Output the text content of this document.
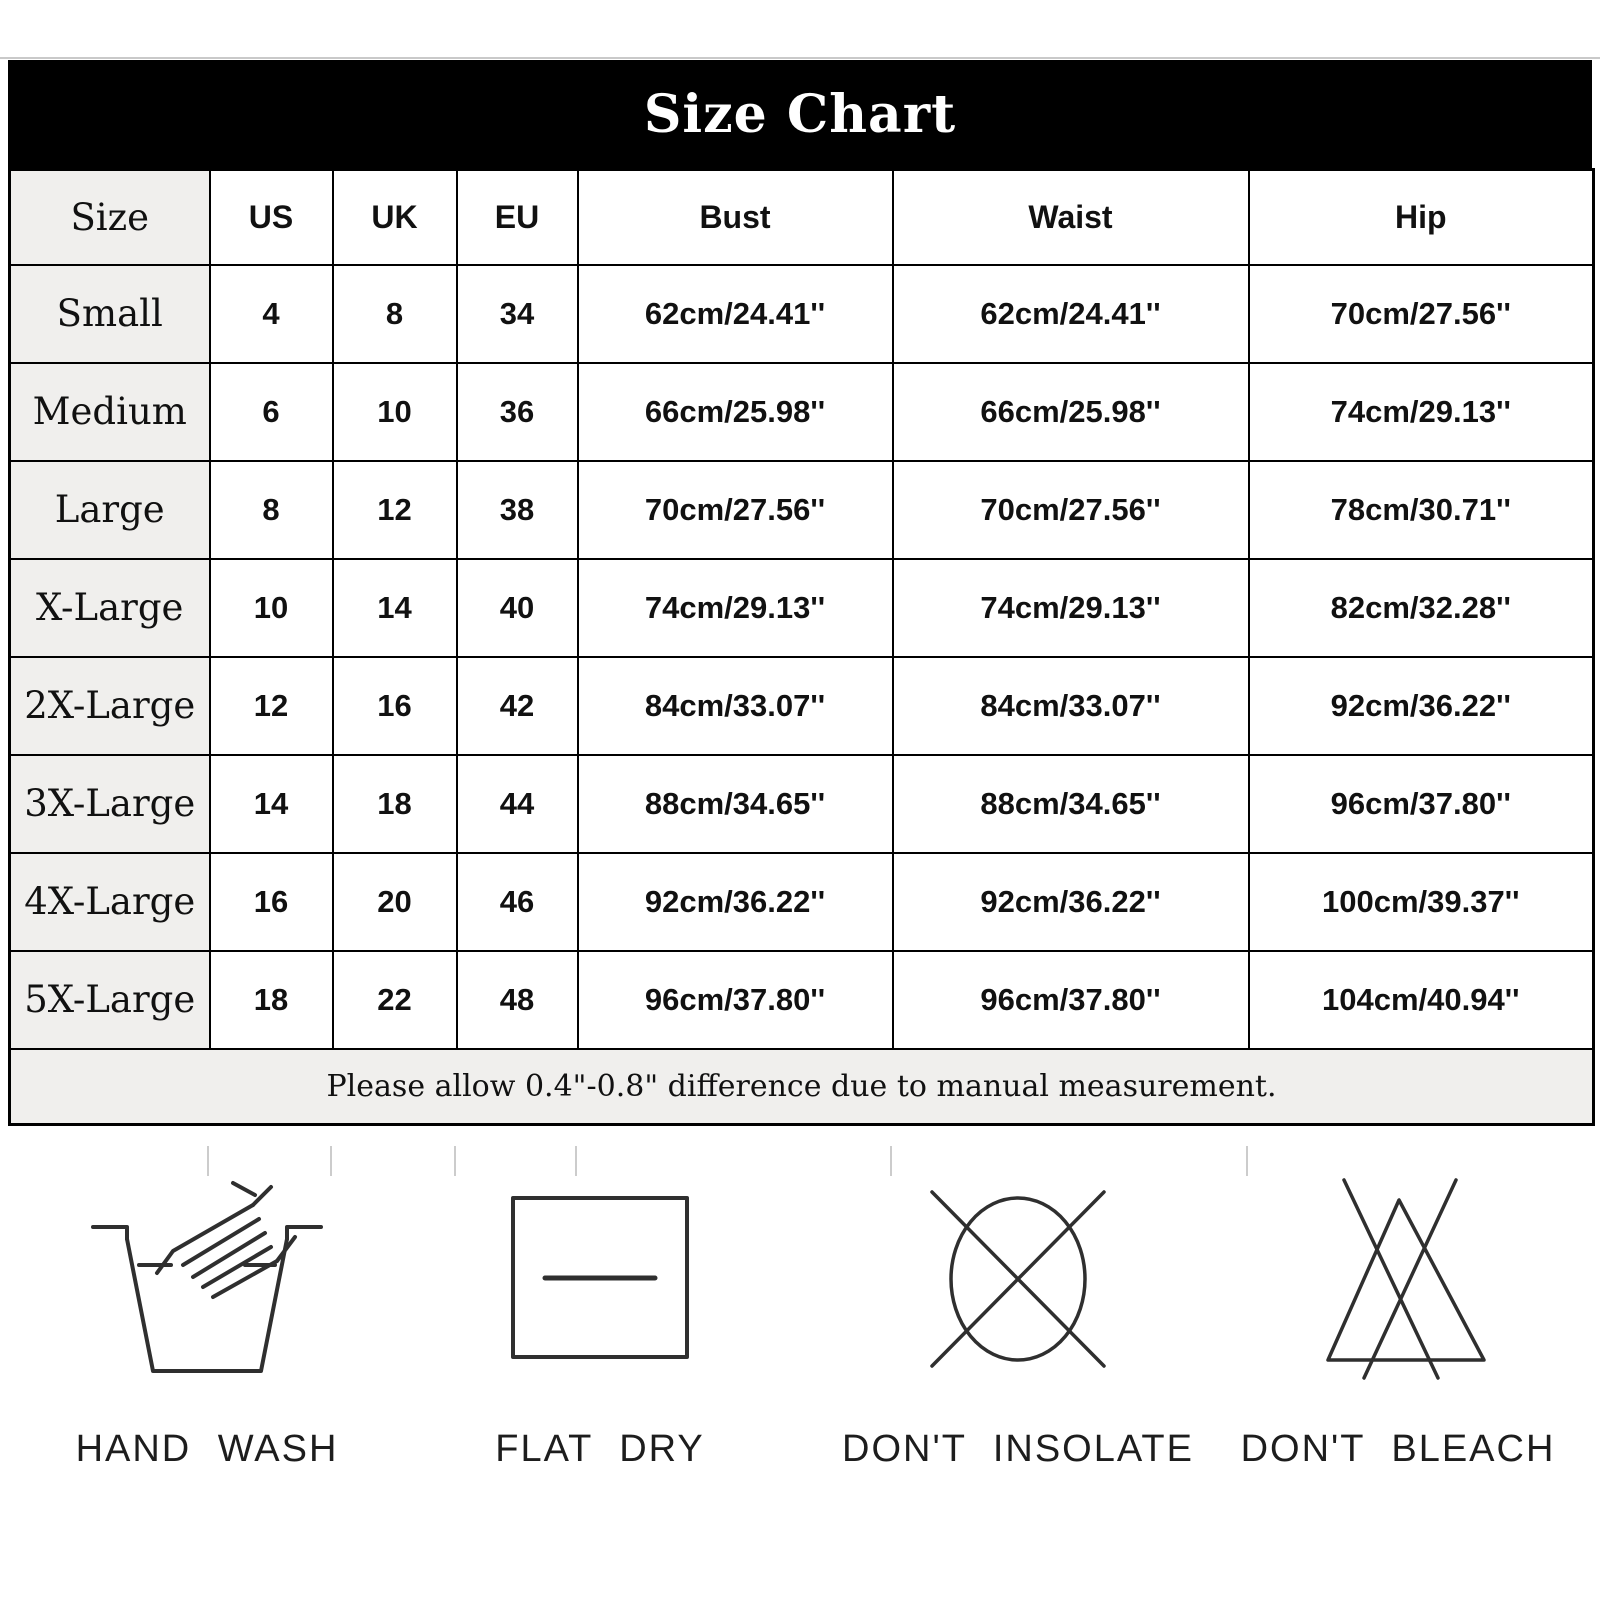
Size Chart
Size	US	UK	EU	Bust	Waist	Hip
Small	4	8	34	62cm/24.41''	62cm/24.41''	70cm/27.56''
Medium	6	10	36	66cm/25.98''	66cm/25.98''	74cm/29.13''
Large	8	12	38	70cm/27.56''	70cm/27.56''	78cm/30.71''
X-Large	10	14	40	74cm/29.13''	74cm/29.13''	82cm/32.28''
2X-Large	12	16	42	84cm/33.07''	84cm/33.07''	92cm/36.22''
3X-Large	14	18	44	88cm/34.65''	88cm/34.65''	96cm/37.80''
4X-Large	16	20	46	92cm/36.22''	92cm/36.22''	100cm/39.37''
5X-Large	18	22	48	96cm/37.80''	96cm/37.80''	104cm/40.94''
Please allow 0.4"-0.8" difference due to manual measurement.						
HAND WASH	FLAT DRY	DON'T INSOLATE DON'T BLEACH
